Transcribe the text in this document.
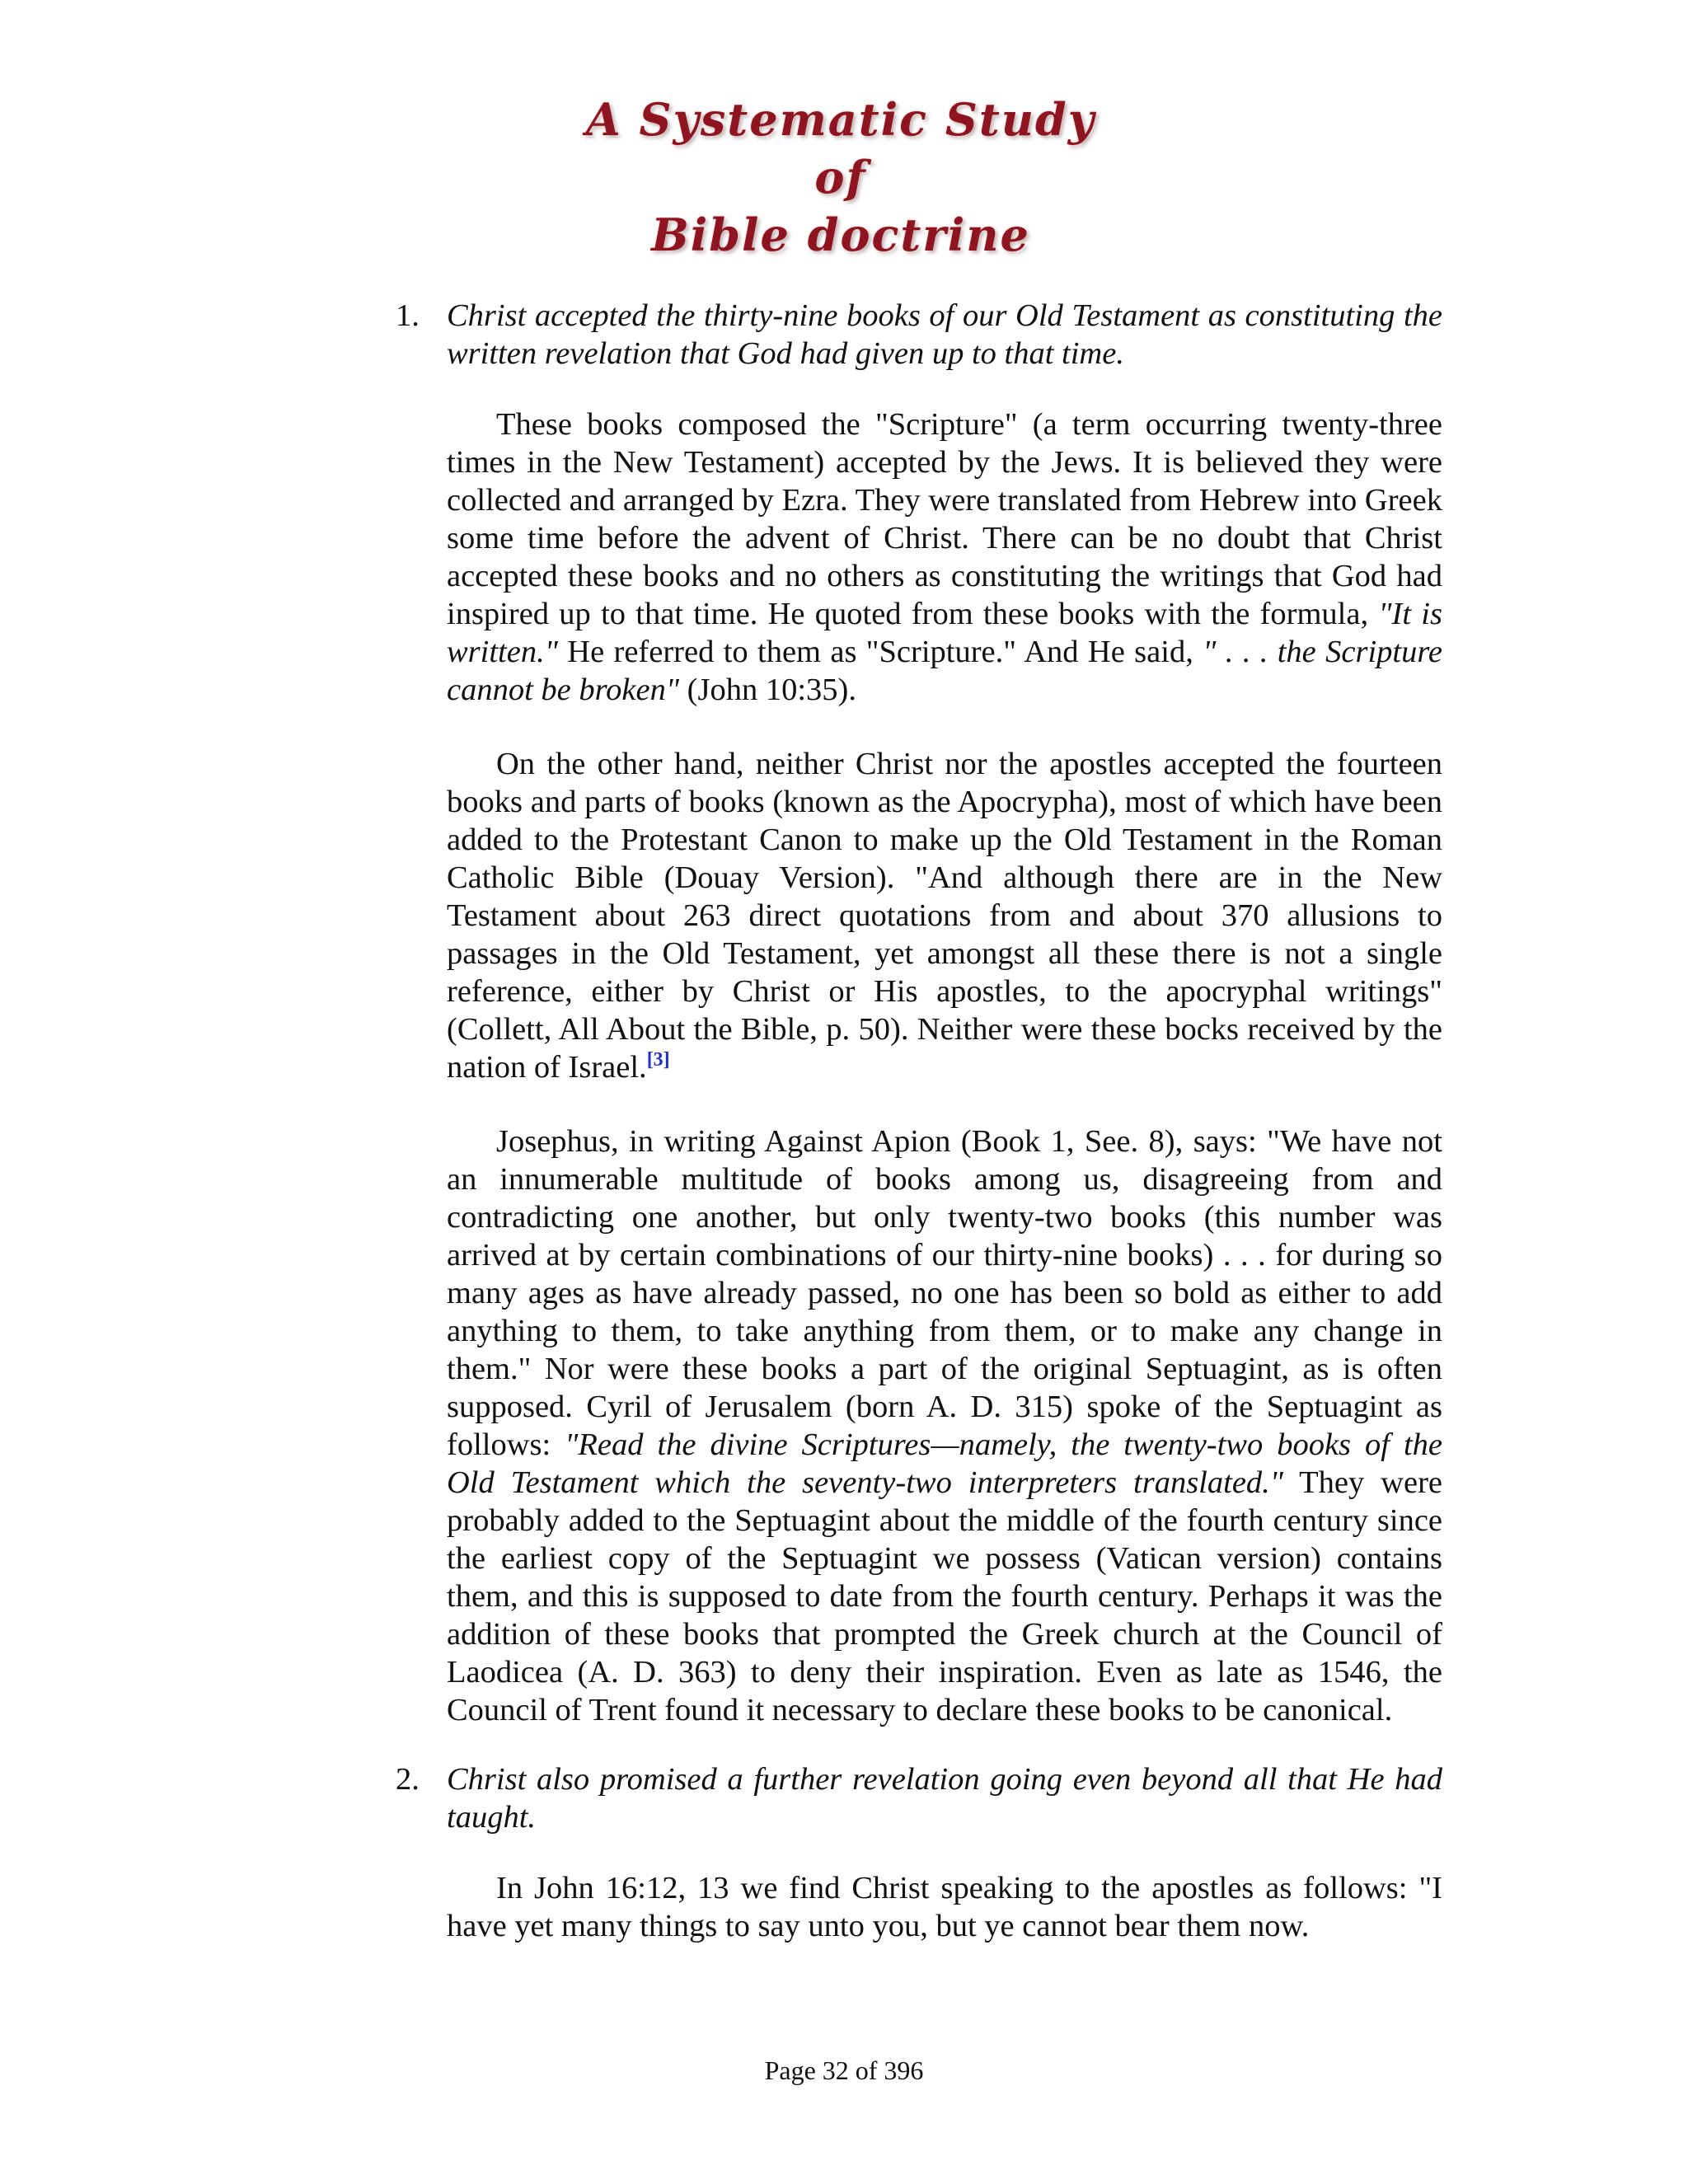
A Systematic Study of
Bible doctrine
1. Christ accepted the thirty-nine books of our Old Testament as constituting the written revelation that God had given up to that time.

These books composed the "Scripture" (a term occurring twenty-three times in the New Testament) accepted by the Jews. It is believed they were collected and arranged by Ezra. They were translated from Hebrew into Greek some time before the advent of Christ. There can be no doubt that Christ accepted these books and no others as constituting the writings that God had inspired up to that time. He quoted from these books with the formula, "It is written." He referred to them as "Scripture." And He said, " . . . the Scripture cannot be broken" (John 10:35).

On the other hand, neither Christ nor the apostles accepted the fourteen books and parts of books (known as the Apocrypha), most of which have been added to the Protestant Canon to make up the Old Testament in the Roman Catholic Bible (Douay Version). "And although there are in the New Testament about 263 direct quotations from and about 370 allusions to passages in the Old Testament, yet amongst all these there is not a single reference, either by Christ or His apostles, to the apocryphal writings" (Collett, All About the Bible, p. 50). Neither were these bocks received by the nation of Israel.[3]

Josephus, in writing Against Apion (Book 1, See. 8), says: "We have not an innumerable multitude of books among us, disagreeing from and contradicting one another, but only twenty-two books (this number was arrived at by certain combinations of our thirty-nine books) . . . for during so many ages as have already passed, no one has been so bold as either to add anything to them, to take anything from them, or to make any change in them." Nor were these books a part of the original Septuagint, as is often supposed. Cyril of Jerusalem (born A. D. 315) spoke of the Septuagint as follows: "Read the divine Scriptures—namely, the twenty-two books of the Old Testament which the seventy-two interpreters translated." They were probably added to the Septuagint about the middle of the fourth century since the earliest copy of the Septuagint we possess (Vatican version) contains them, and this is supposed to date from the fourth century. Perhaps it was the addition of these books that prompted the Greek church at the Council of Laodicea (A. D. 363) to deny their inspiration. Even as late as 1546, the Council of Trent found it necessary to declare these books to be canonical.

2. Christ also promised a further revelation going even beyond all that He had taught.

In John 16:12, 13 we find Christ speaking to the apostles as follows: "I have yet many things to say unto you, but ye cannot bear them now.

Page 32 of 396
